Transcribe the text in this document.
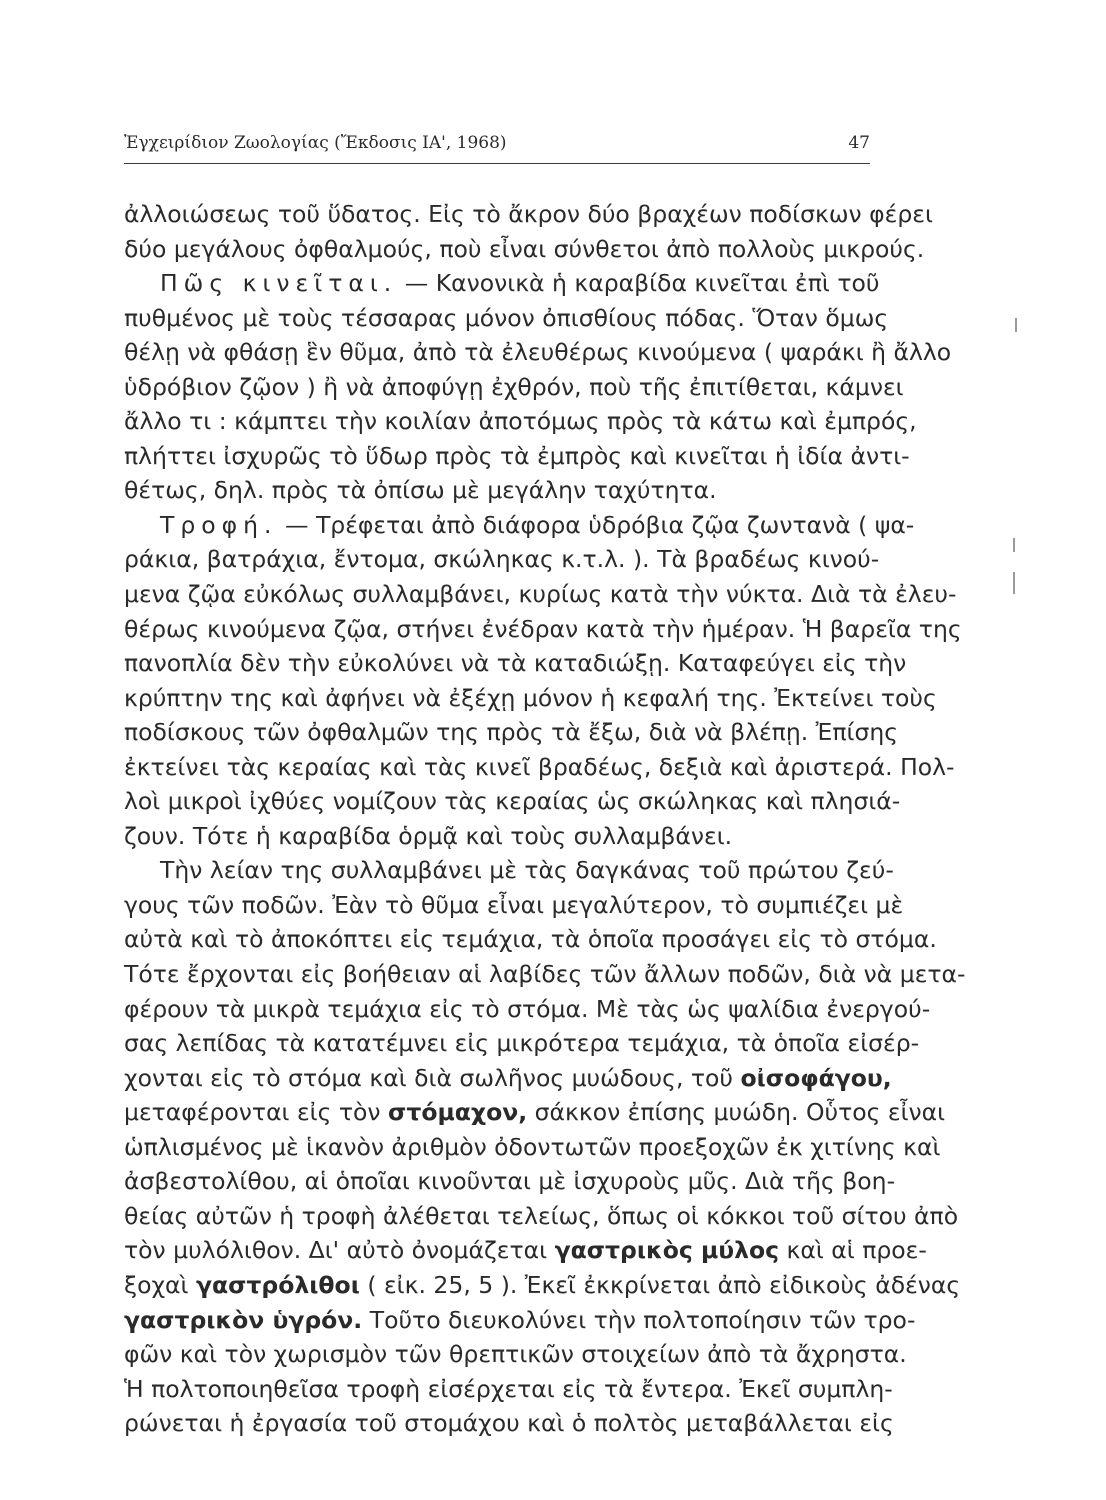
Ἐγχειρίδιον Ζωολογίας (Ἔκδοσις ΙΑ', 1968)	47
ἀλλοιώσεως τοῦ ὕδατος. Εἰς τὸ ἄκρον δύο βραχέων ποδίσκων φέρει
δύο μεγάλους ὀφθαλμούς, ποὺ εἶναι σύνθετοι ἀπὸ πολλοὺς μικρούς.
Πῶς κινεῖται. — Κανονικὰ ἡ καραβίδα κινεῖται ἐπὶ τοῦ
πυθμένος μὲ τοὺς τέσσαρας μόνον ὀπισθίους πόδας. Ὅταν ὅμως
θέλῃ νὰ φθάσῃ ἓν θῦμα, ἀπὸ τὰ ἐλευθέρως κινούμενα ( ψαράκι ἢ ἄλλο
ὑδρόβιον ζῷον ) ἢ νὰ ἀποφύγῃ ἐχθρόν, ποὺ τῆς ἐπιτίθεται, κάμνει
ἄλλο τι : κάμπτει τὴν κοιλίαν ἀποτόμως πρὸς τὰ κάτω καὶ ἐμπρός,
πλήττει ἰσχυρῶς τὸ ὕδωρ πρὸς τὰ ἐμπρὸς καὶ κινεῖται ἡ ἰδία ἀντι-
θέτως, δηλ. πρὸς τὰ ὀπίσω μὲ μεγάλην ταχύτητα.
Τροφή. — Τρέφεται ἀπὸ διάφορα ὑδρόβια ζῷα ζωντανὰ ( ψα-
ράκια, βατράχια, ἔντομα, σκώληκας κ.τ.λ. ). Τὰ βραδέως κινού-
μενα ζῷα εὐκόλως συλλαμβάνει, κυρίως κατὰ τὴν νύκτα. Διὰ τὰ ἐλευ-
θέρως κινούμενα ζῷα, στήνει ἐνέδραν κατὰ τὴν ἡμέραν. Ἡ βαρεῖα της
πανοπλία δὲν τὴν εὐκολύνει νὰ τὰ καταδιώξῃ. Καταφεύγει εἰς τὴν
κρύπτην της καὶ ἀφήνει νὰ ἐξέχῃ μόνον ἡ κεφαλή της. Ἐκτείνει τοὺς
ποδίσκους τῶν ὀφθαλμῶν της πρὸς τὰ ἔξω, διὰ νὰ βλέπῃ. Ἐπίσης
ἐκτείνει τὰς κεραίας καὶ τὰς κινεῖ βραδέως, δεξιὰ καὶ ἀριστερά. Πολ-
λοὶ μικροὶ ἰχθύες νομίζουν τὰς κεραίας ὡς σκώληκας καὶ πλησιά-
ζουν. Τότε ἡ καραβίδα ὁρμᾷ καὶ τοὺς συλλαμβάνει.
Τὴν λείαν της συλλαμβάνει μὲ τὰς δαγκάνας τοῦ πρώτου ζεύ-
γους τῶν ποδῶν. Ἐὰν τὸ θῦμα εἶναι μεγαλύτερον, τὸ συμπιέζει μὲ
αὐτὰ καὶ τὸ ἀποκόπτει εἰς τεμάχια, τὰ ὁποῖα προσάγει εἰς τὸ στόμα.
Τότε ἔρχονται εἰς βοήθειαν αἱ λαβίδες τῶν ἄλλων ποδῶν, διὰ νὰ μετα-
φέρουν τὰ μικρὰ τεμάχια εἰς τὸ στόμα. Μὲ τὰς ὡς ψαλίδια ἐνεργού-
σας λεπίδας τὰ κατατέμνει εἰς μικρότερα τεμάχια, τὰ ὁποῖα εἰσέρ-
χονται εἰς τὸ στόμα καὶ διὰ σωλῆνος μυώδους, τοῦ οἰσοφάγου,
μεταφέρονται εἰς τὸν στόμαχον, σάκκον ἐπίσης μυώδη. Οὗτος εἶναι
ὡπλισμένος μὲ ἱκανὸν ἀριθμὸν ὀδοντωτῶν προεξοχῶν ἐκ χιτίνης καὶ
ἀσβεστολίθου, αἱ ὁποῖαι κινοῦνται μὲ ἰσχυροὺς μῦς. Διὰ τῆς βοη-
θείας αὐτῶν ἡ τροφὴ ἀλέθεται τελείως, ὅπως οἱ κόκκοι τοῦ σίτου ἀπὸ
τὸν μυλόλιθον. Δι' αὐτὸ ὀνομάζεται γαστρικὸς μύλος καὶ αἱ προε-
ξοχαὶ γαστρόλιθοι ( εἰκ. 25, 5 ). Ἐκεῖ ἐκκρίνεται ἀπὸ εἰδικοὺς ἀδένας
γαστρικὸν ὑγρόν. Τοῦτο διευκολύνει τὴν πολτοποίησιν τῶν τρο-
φῶν καὶ τὸν χωρισμὸν τῶν θρεπτικῶν στοιχείων ἀπὸ τὰ ἄχρηστα.
Ἡ πολτοποιηθεῖσα τροφὴ εἰσέρχεται εἰς τὰ ἔντερα. Ἐκεῖ συμπλη-
ρώνεται ἡ ἐργασία τοῦ στομάχου καὶ ὁ πολτὸς μεταβάλλεται εἰς
